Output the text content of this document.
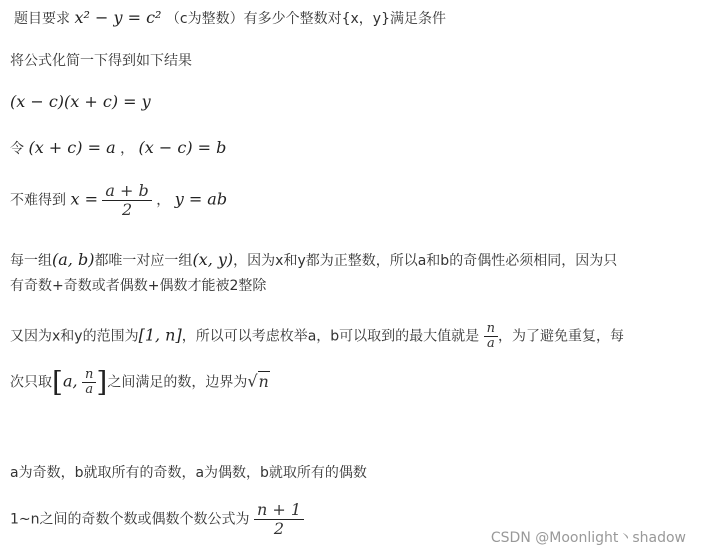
题目要求 x² − y = c² （c为整数）有多少个整数对{x，y}满足条件
将公式化简一下得到如下结果
(x − c)(x + c) = y
令 (x + c) = a ， (x − c) = b
不难得到 $x = \frac{a + b}{2}$ ， y = ab
每一组(a, b)都唯一对应一组(x, y)，因为x和y都为正整数，所以a和b的奇偶性必须相同，因为只
有奇数+奇数或者偶数+偶数才能被2整除
又因为x和y的范围为[1, n]，所以可以考虑枚举a，b可以取到的最大值就是 $\frac{n}{a}$ ，为了避免重复，每
次只取[a, $\frac{n}{a}$ ]之间满足的数，边界为√n
a为奇数，b就取所有的奇数，a为偶数，b就取所有的偶数
1~n之间的奇数个数或偶数个数公式为 $\frac{n + 1}{2}$	CSDN @Moonlight丶shadow
